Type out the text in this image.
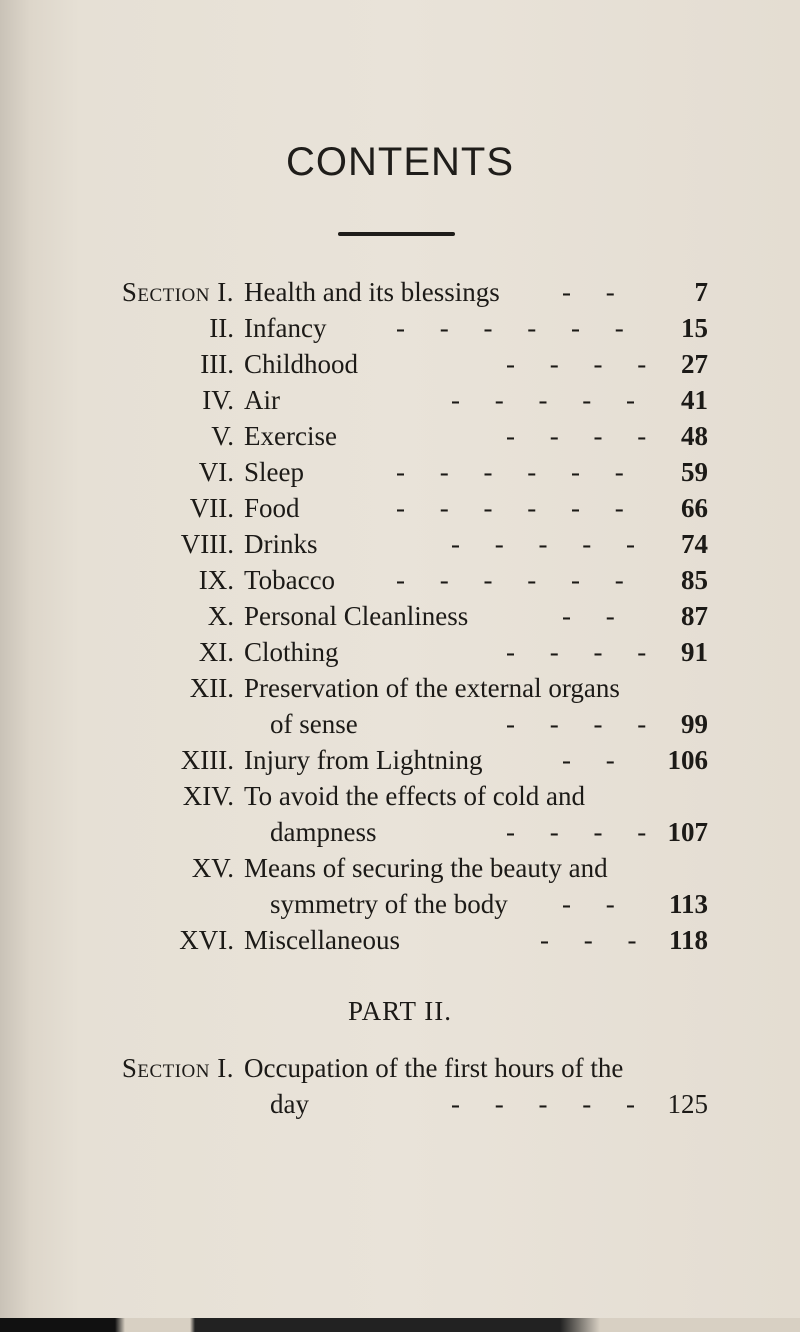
CONTENTS
Section I. Health and its blessings - - 7
II. Infancy	- - - - - - 15
III. Childhood	- - - - 27
IV. Air	- - - - - 41
V. Exercise	- - - - 48
VI. Sleep	- - - - - - 59
VII. Food	- - - - - - 66
VIII. Drinks	- - - - - 74
IX. Tobacco - - - - - - 85
X. Personal Cleanliness	- - 87
XI. Clothing	- - - - 91
XII. Preservation of the external organs
of sense	- - - - 99
XIII. Injury from Lightning	- - 106
XIV. To avoid the effects of cold and
dampness	- - - - 107
XV. Means of securing the beauty and
symmetry of the body - - 113
XVI. Miscellaneous	- - - 118
PART II.
Section I. Occupation of the first hours of the
day	- - - - - 125
